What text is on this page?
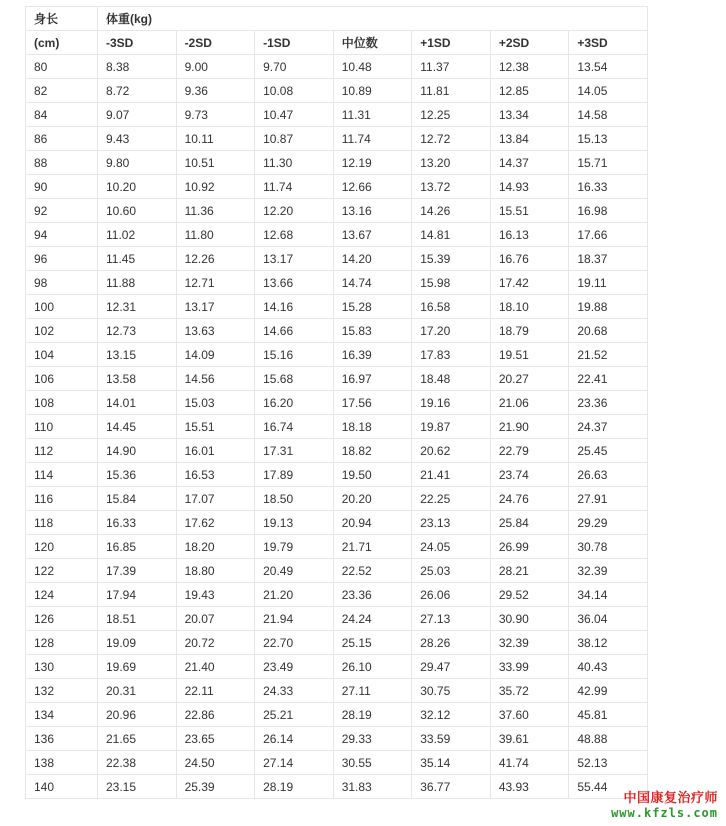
身长	体重(kg)						
(cm)	-3SD	-2SD	-1SD	中位数	+1SD	+2SD	+3SD
80	8.38	9.00	9.70	10.48	11.37	12.38	13.54
82	8.72	9.36	10.08	10.89	11.81	12.85	14.05
84	9.07	9.73	10.47	11.31	12.25	13.34	14.58
86	9.43	10.11	10.87	11.74	12.72	13.84	15.13
88	9.80	10.51	11.30	12.19	13.20	14.37	15.71
90	10.20	10.92	11.74	12.66	13.72	14.93	16.33
92	10.60	11.36	12.20	13.16	14.26	15.51	16.98
94	11.02	11.80	12.68	13.67	14.81	16.13	17.66
96	11.45	12.26	13.17	14.20	15.39	16.76	18.37
98	11.88	12.71	13.66	14.74	15.98	17.42	19.11
100	12.31	13.17	14.16	15.28	16.58	18.10	19.88
102	12.73	13.63	14.66	15.83	17.20	18.79	20.68
104	13.15	14.09	15.16	16.39	17.83	19.51	21.52
106	13.58	14.56	15.68	16.97	18.48	20.27	22.41
108	14.01	15.03	16.20	17.56	19.16	21.06	23.36
110	14.45	15.51	16.74	18.18	19.87	21.90	24.37
112	14.90	16.01	17.31	18.82	20.62	22.79	25.45
114	15.36	16.53	17.89	19.50	21.41	23.74	26.63
116	15.84	17.07	18.50	20.20	22.25	24.76	27.91
118	16.33	17.62	19.13	20.94	23.13	25.84	29.29
120	16.85	18.20	19.79	21.71	24.05	26.99	30.78
122	17.39	18.80	20.49	22.52	25.03	28.21	32.39
124	17.94	19.43	21.20	23.36	26.06	29.52	34.14
126	18.51	20.07	21.94	24.24	27.13	30.90	36.04
128	19.09	20.72	22.70	25.15	28.26	32.39	38.12
130	19.69	21.40	23.49	26.10	29.47	33.99	40.43
132	20.31	22.11	24.33	27.11	30.75	35.72	42.99
134	20.96	22.86	25.21	28.19	32.12	37.60	45.81
136	21.65	23.65	26.14	29.33	33.59	39.61	48.88
138	22.38	24.50	27.14	30.55	35.14	41.74	52.13
140	23.15	25.39	28.19	31.83	36.77	43.93	55.44
中国康复治疗师
www.kfzls.com
